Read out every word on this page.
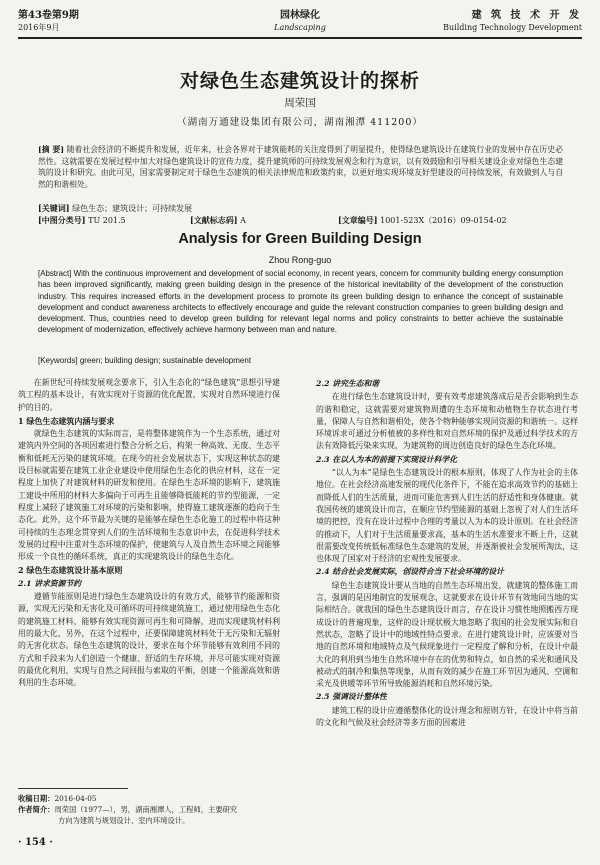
第43卷第9期
2016年9月
园林绿化
Landscaping
建 筑 技 术 开 发
Building Technology Development
对绿色生态建筑设计的探析
周荣国
（湖南万通建设集团有限公司，湖南湘潭 411200）
[摘 要] 随着社会经济的不断提升和发展，近年来，社会各界对于建筑能耗的关注度得到了明显提升，使得绿色建筑设计在建筑行业的发展中存在历史必然性。这就需要在发展过程中加大对绿色建筑设计的宣传力度，提升建筑师的可持续发展观念和行为意识，以有效鼓励和引导相关建设企业对绿色生态建筑的设计和研究。由此可见，国家需要制定对于绿色生态建筑的相关法律规范和政策约束，以更好地实现环境友好型建设的可持续发展，有效做到人与自然的和谐相处。
[关键词] 绿色生态；建筑设计；可持续发展
[中图分类号] TU 201.5	[文献标志码] A	[文章编号] 1001-523X（2016）09-0154-02
Analysis for Green Building Design
Zhou Rong-guo
[Abstract] With the continuous improvement and development of social economy, in recent years, concern for community building energy consumption has been improved significantly, making green building design in the presence of the historical inevitability of the development of the construction industry. This requires increased efforts in the development process to promote its green building design to enhance the concept of sustainable development and conduct awareness architects to effectively encourage and guide the relevant construction companies to green building design and development. Thus, countries need to develop green building for relevant legal norms and policy constraints to better achieve the sustainable development of modernization, effectively achieve harmony between man and nature.
[Keywords] green; building design; sustainable development

在新世纪可持续发展观念要求下，引入生态化的“绿色建筑”思想引导建筑工程的基本设计，有效实现对于资源的优化配置，实现对自然环境进行保护的目的。

1 绿色生态建筑内涵与要求

就绿色生态建筑的实际而言，是将整体建筑作为一个生态系统，通过对建筑内外空间的各项因素进行整合分析之后，构架一种高效、无废、生态平衡和低耗无污染的建筑环境。在现今的社会发展状态下，实现这种状态的建设目标就需要在建筑工业企业建设中使用绿色生态化的供应材料，这在一定程度上加快了对建筑材料的研发和使用。在绿色生态环境的影响下，建筑施工建设中所用的材料大多偏向于可再生且能够降低能耗的节约型能源，一定程度上减轻了建筑施工对环境的污染和影响，使得施工建筑逐渐的趋向于生态化。此外，这个环节最为关键的是能够在绿色生态化施工的过程中将这种可持续的生态理念贯穿到人们的生活环境和生态意识中去，在促进科学技术发展的过程中注重对生态环境的保护，使建筑与人及自然生态环境之间能够形成一个良性的循环系统，真正的实现建筑设计的绿色生态化。

2 绿色生态建筑设计基本原则
2.1 讲求资源节约

遵循节能原则是进行绿色生态建筑设计的有效方式，能够节约能源和资源，实现无污染和无害化及可循环的可持续建筑施工，通过使用绿色生态化的建筑施工材料，能够有效实现资源可再生和可降解，进而实现建筑材料利用的最大化，另外，在这个过程中，还要保障建筑材料处于无污染和无辐射的无害化状态。绿色生态建筑的设计，要求在每个环节能够有效利用不同的方式和手段来为人们创造一个健康、舒适的生存环境，并尽可能实现对资源的最优化利用，实现与自然之间回报与索取的平衡，创建一个能源高效和谐利用的生态环境。

2.2 讲究生态和谐

在进行绿色生态建筑设计时，要有效考虑建筑落成后是否会影响到生态的谐和稳定，这就需要对建筑物周遭的生态环境和动植物生存状态进行考量，保障人与自然和谐相处，使各个物种能够实现同资源的和谐统一。这样环境诉求可通过分析植被的多样性和对自然环境的保护及通过科学技术的方法有效降低污染来实现，为建筑物的周边创造良好的绿色生态化环境。

2.3 在以人为本的前提下实现设计科学化

“以人为本”是绿色生态建筑设计的根本原则，体现了人作为社会的主体地位。在社会经济高速发展的现代化条件下，不能在追求高效节约的基础上而降低人们的生活质量，进而可能危害到人们生活的舒适性和身体健康。就我国传统的建筑设计而言，在顺应节约型能源的基础上忽视了对人们生活环境的把控，没有在设计过程中合理的考量以人为本的设计原则。在社会经济的推动下，人们对于生活质量要求高，基本的生活水准要求不断上升，这就很需要改变传统低标准绿色生态建筑的发展，并逐渐被社会发展所淘汰，这也体现了国家对于经济的宏观性发展要求。

2.4 结合社会发展实际，创设符合当下社会环境的设计

绿色生态建筑设计要从当地的自然生态环境出发，就建筑的整体施工而言，强调的是因地制宜的发展观念，这就要求在设计环节有效地同当地的实际相结合。就我国的绿色生态建筑设计而言，存在设计习惯性地照搬西方现成设计的普遍现象，这样的设计现状极大地忽略了我国的社会发展实际和自然状态，忽略了设计中的地域性特点要求。在进行建筑设计时，应该要对当地的自然环境和地域特点及气候现象进行一定程度了解和分析，在设计中最大化的利用到当地生自然环境中存在的优势和特点，如自然的采光和通风及被动式的制冷和集热等现象，从而有效的减少在施工环节因为通风、空调和采光及供暖等环节所导致能源消耗和自然环境污染。

2.5 强调设计整体性

建筑工程的设计应遵循整体化的设计理念和原则方针，在设计中将当前的文化和气候及社会经济等多方面的因素进

收稿日期：2016-04-05
作者简介：周荣国（1977—），男，湖南湘潭人，工程师，主要研究
方向为建筑与规划设计、室内环境设计。
· 154 ·
